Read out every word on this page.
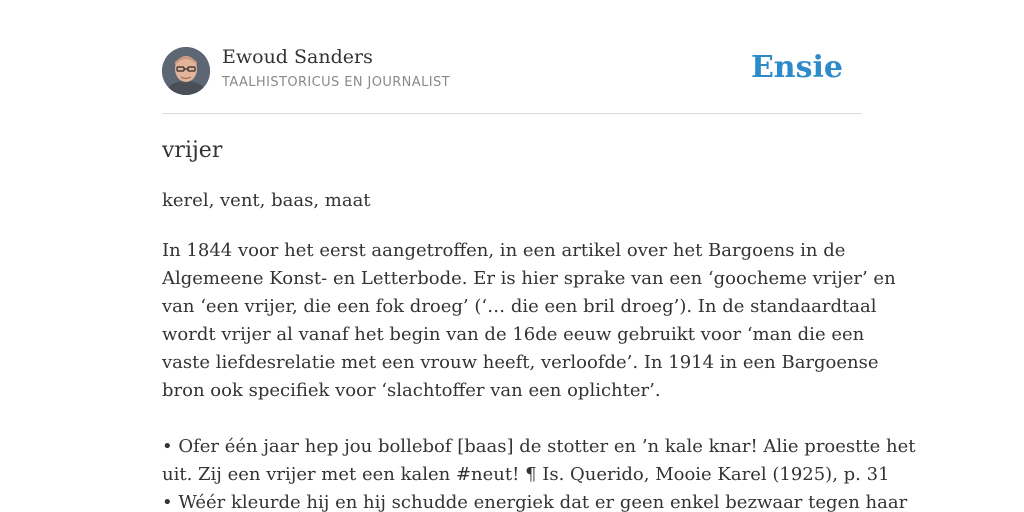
Ewoud Sanders
TAALHISTORICUS EN JOURNALIST	Ensie
vrijer

kerel, vent, baas, maat

In 1844 voor het eerst aangetroffen, in een artikel over het Bargoens in de
Algemeene Konst- en Letterbode. Er is hier sprake van een ‘goocheme vrijer’ en
van ‘een vrijer, die een fok droeg’ (‘… die een bril droeg’). In de standaardtaal
wordt vrijer al vanaf het begin van de 16de eeuw gebruikt voor ‘man die een
vaste liefdesrelatie met een vrouw heeft, verloofde’. In 1914 in een Bargoense
bron ook specifiek voor ‘slachtoffer van een oplichter’.
• Ofer één jaar hep jou bollebof [baas] de stotter en ’n kale knar! Alie proestte het
uit. Zij een vrijer met een kalen #neut! ¶ Is. Querido, Mooie Karel (1925), p. 31
• Wéér kleurde hij en hij schudde energiek dat er geen enkel bezwaar tegen haar
